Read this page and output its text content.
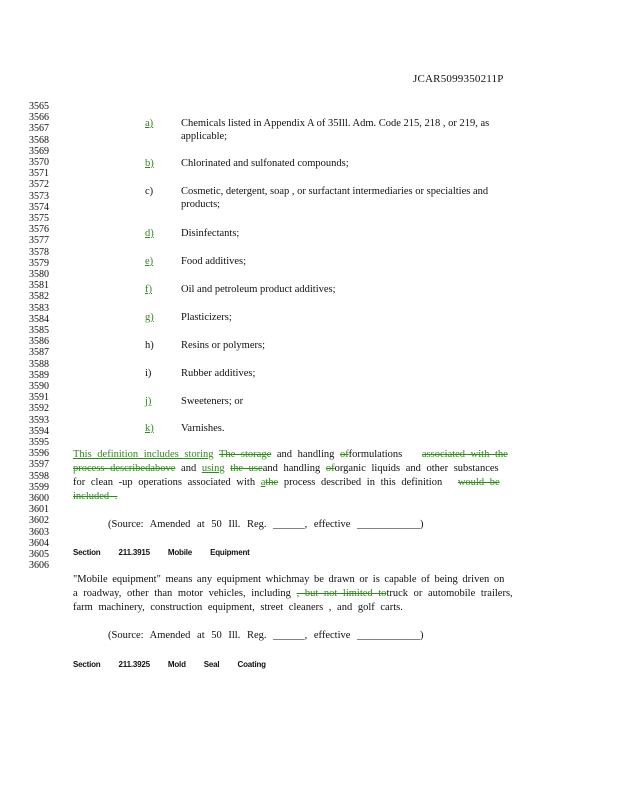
JCAR5099350211P
3565
3566
3567
3568
3569
3570
3571
3572
3573
3574
3575
3576
3577
3578
3579
3580
3581
3582
3583
3584
3585
3586
3587
3588
3589
3590
3591
3592
3593
3594
3595
3596
3597
3598
3599
3600
3601
3602
3603
3604
3605
3606
a)	Chemicals listed in Appendix A of 35Ill. Adm. Code 215, 218 , or 219, as
applicable;
b)	Chlorinated and sulfonated compounds;
c)	Cosmetic, detergent, soap , or surfactant intermediaries or specialties and
products;
d)	Disinfectants;
e)	Food additives;
f)	Oil and petroleum product additives;
g)	Plasticizers;
h)	Resins or polymers;
i)	Rubber additives;
j)	Sweeteners; or
k)	Varnishes.
This definition includes storing The storage and handling offormulations associated with the
process describedabove and using the useand handling oforganic liquids and other substances
for clean -up operations associated with athe process described in this definition would be
included .
(Source: Amended at 50 Ill. Reg. ______, effective ____________)
Section 211.3915 Mobile Equipment
"Mobile equipment" means any equipment whichmay be drawn or is capable of being driven on
a roadway, other than motor vehicles, including , but not limited totruck or automobile trailers,
farm machinery, construction equipment, street cleaners , and golf carts.
(Source: Amended at 50 Ill. Reg. ______, effective ____________)
Section 211.3925 Mold Seal Coating
